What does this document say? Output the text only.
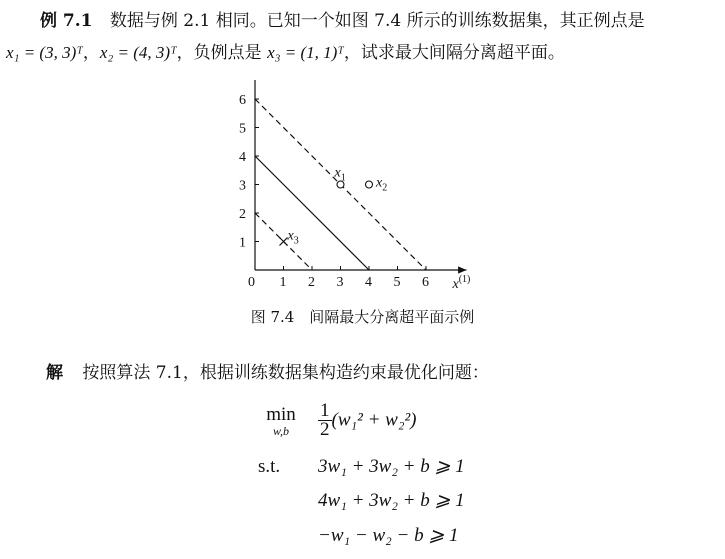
例 7.1 数据与例 2.1 相同。已知一个如图 7.4 所示的训练数据集，其正例点是
x₁ = (3, 3)ᵀ，x₂ = (4, 3)ᵀ，负例点是 x₃ = (1, 1)ᵀ，试求最大间隔分离超平面。
0 1 2 3 4 5 6
1
2
3
4
5
6
$x^{(1)}$
$x_1$ $x_2$
$x_3$
图 7.4　间隔最大分离超平面示例
解 按照算法 7.1，根据训练数据集构造约束最优化问题：
min
w,b
	$\frac{1}{2} (w_1^2 + w_2^2)$
s.t. 3w₁ + 3w₂ + b ⩾ 1
4w₁ + 3w₂ + b ⩾ 1
−w₁ − w₂ − b ⩾ 1
